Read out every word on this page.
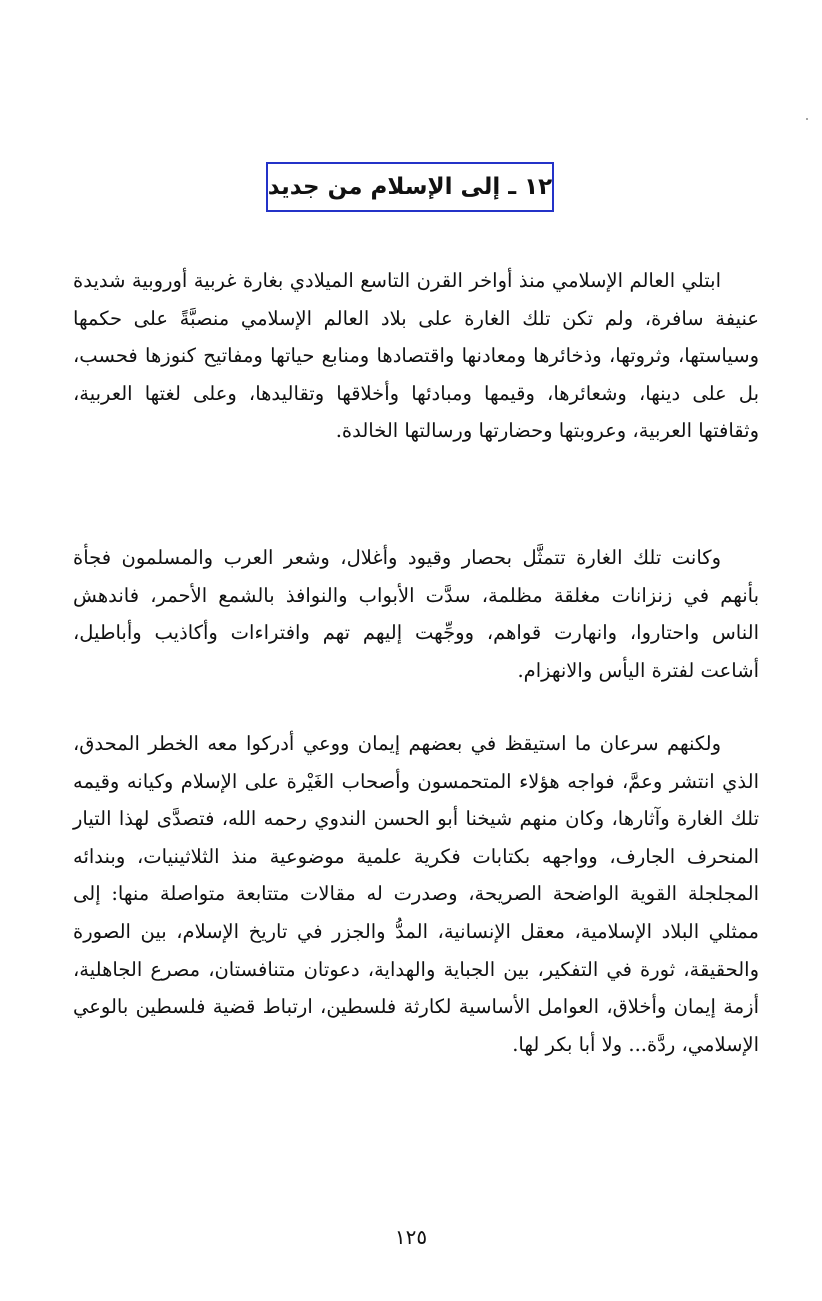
١٢ ـ إلى الإسلام من جديد

ابتلي العالم الإسلامي منذ أواخر القرن التاسع الميلادي بغارة غربية أوروبية شديدة عنيفة سافرة، ولم تكن تلك الغارة على بلاد العالم الإسلامي منصبَّةً على حكمها وسياستها، وثروتها، وذخائرها ومعادنها واقتصادها ومنابع حياتها ومفاتيح كنوزها فحسب، بل على دينها، وشعائرها، وقيمها ومبادئها وأخلاقها وتقاليدها، وعلى لغتها العربية، وثقافتها العربية، وعروبتها وحضارتها ورسالتها الخالدة.

وكانت تلك الغارة تتمثَّل بحصار وقيود وأغلال، وشعر العرب والمسلمون فجأة بأنهم في زنزانات مغلقة مظلمة، سدَّت الأبواب والنوافذ بالشمع الأحمر، فاندهش الناس واحتاروا، وانهارت قواهم، ووجِّهت إليهم تهم وافتراءات وأكاذيب وأباطيل، أشاعت لفترة اليأس والانهزام.

ولكنهم سرعان ما استيقظ في بعضهم إيمان ووعي أدركوا معه الخطر المحدق، الذي انتشر وعمَّ، فواجه هؤلاء المتحمسون وأصحاب الغَيْرة على الإسلام وكيانه وقيمه تلك الغارة وآثارها، وكان منهم شيخنا أبو الحسن الندوي رحمه الله، فتصدَّى لهذا التيار المنحرف الجارف، وواجهه بكتابات فكرية علمية موضوعية منذ الثلاثينيات، وبندائه المجلجلة القوية الواضحة الصريحة، وصدرت له مقالات متتابعة متواصلة منها: إلى ممثلي البلاد الإسلامية، معقل الإنسانية، المدُّ والجزر في تاريخ الإسلام، بين الصورة والحقيقة، ثورة في التفكير، بين الجباية والهداية، دعوتان متنافستان، مصرع الجاهلية، أزمة إيمان وأخلاق، العوامل الأساسية لكارثة فلسطين، ارتباط قضية فلسطين بالوعي الإسلامي، ردَّة... ولا أبا بكر لها.

١٢٥
